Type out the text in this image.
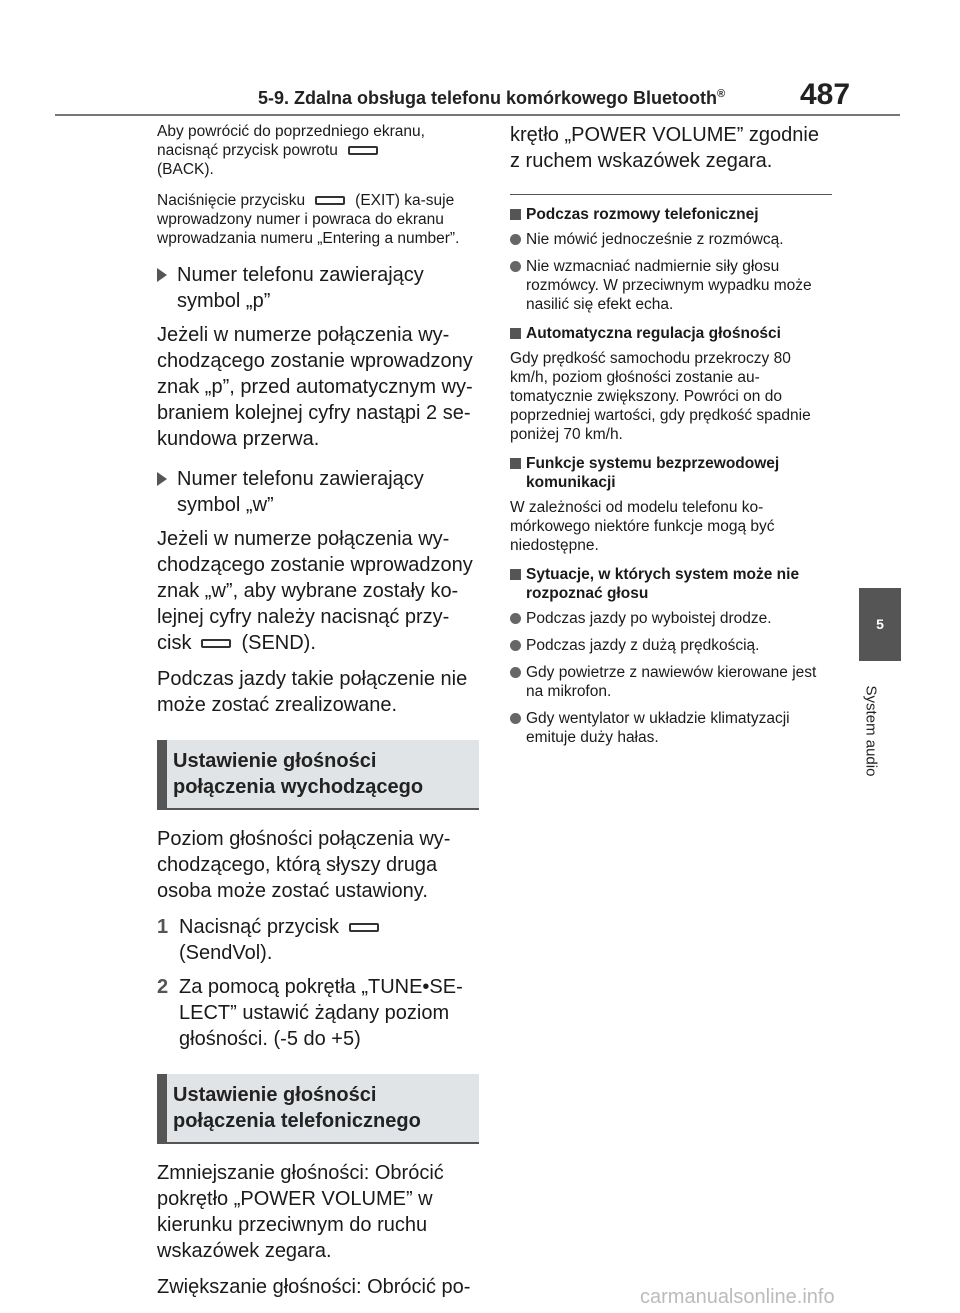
5-9. Zdalna obsługa telefonu komórkowego Bluetooth® 487
5
System audio

Aby powrócić do poprzedniego ekranu, nacisnąć przycisk powrotu
(BACK).

Naciśnięcie przycisku	(EXIT) ka-suje wprowadzony numer i powraca do ekranu wprowadzania numeru „Entering a number”.

Numer telefonu zawierający symbol „p”

Jeżeli w numerze połączenia wy-chodzącego zostanie wprowadzony znak „p”, przed automatycznym wy-braniem kolejnej cyfry nastąpi 2 se-kundowa przerwa.

Numer telefonu zawierający symbol „w”

Jeżeli w numerze połączenia wy-chodzącego zostanie wprowadzony znak „w”, aby wybrane zostały ko-lejnej cyfry należy nacisnąć przy-cisk	(SEND).

Podczas jazdy takie połączenie nie może zostać zrealizowane.

Ustawienie głośności połączenia wychodzącego

Poziom głośności połączenia wy-chodzącego, którą słyszy druga osoba może zostać ustawiony.

1 Nacisnąć przycisk(SendVol).
2 Za pomocą pokrętła „TUNE•SE-LECT” ustawić żądany poziom głośności. (-5 do +5)
Ustawienie głośności połączenia telefonicznego

Zmniejszanie głośności: Obrócić pokrętło „POWER VOLUME” w kierunku przeciwnym do ruchu wskazówek zegara.

Zwiększanie głośności: Obrócić po-

krętło „POWER VOLUME” zgodnie z ruchem wskazówek zegara.

Podczas rozmowy telefonicznej
Nie mówić jednocześnie z rozmówcą.
Nie wzmacniać nadmiernie siły głosu rozmówcy. W przeciwnym wypadku może nasilić się efekt echa.
Automatyczna regulacja głośności

Gdy prędkość samochodu przekroczy 80 km/h, poziom głośności zostanie au-tomatycznie zwiększony. Powróci on do poprzedniej wartości, gdy prędkość spadnie poniżej 70 km/h.

Funkcje systemu bezprzewodowej komunikacji

W zależności od modelu telefonu ko-mórkowego niektóre funkcje mogą być niedostępne.

Sytuacje, w których system może nie rozpoznać głosu
Podczas jazdy po wyboistej drodze.
Podczas jazdy z dużą prędkością.
Gdy powietrze z nawiewów kierowane jest na mikrofon.
Gdy wentylator w układzie klimatyzacji emituje duży hałas.
carmanualsonline.info
